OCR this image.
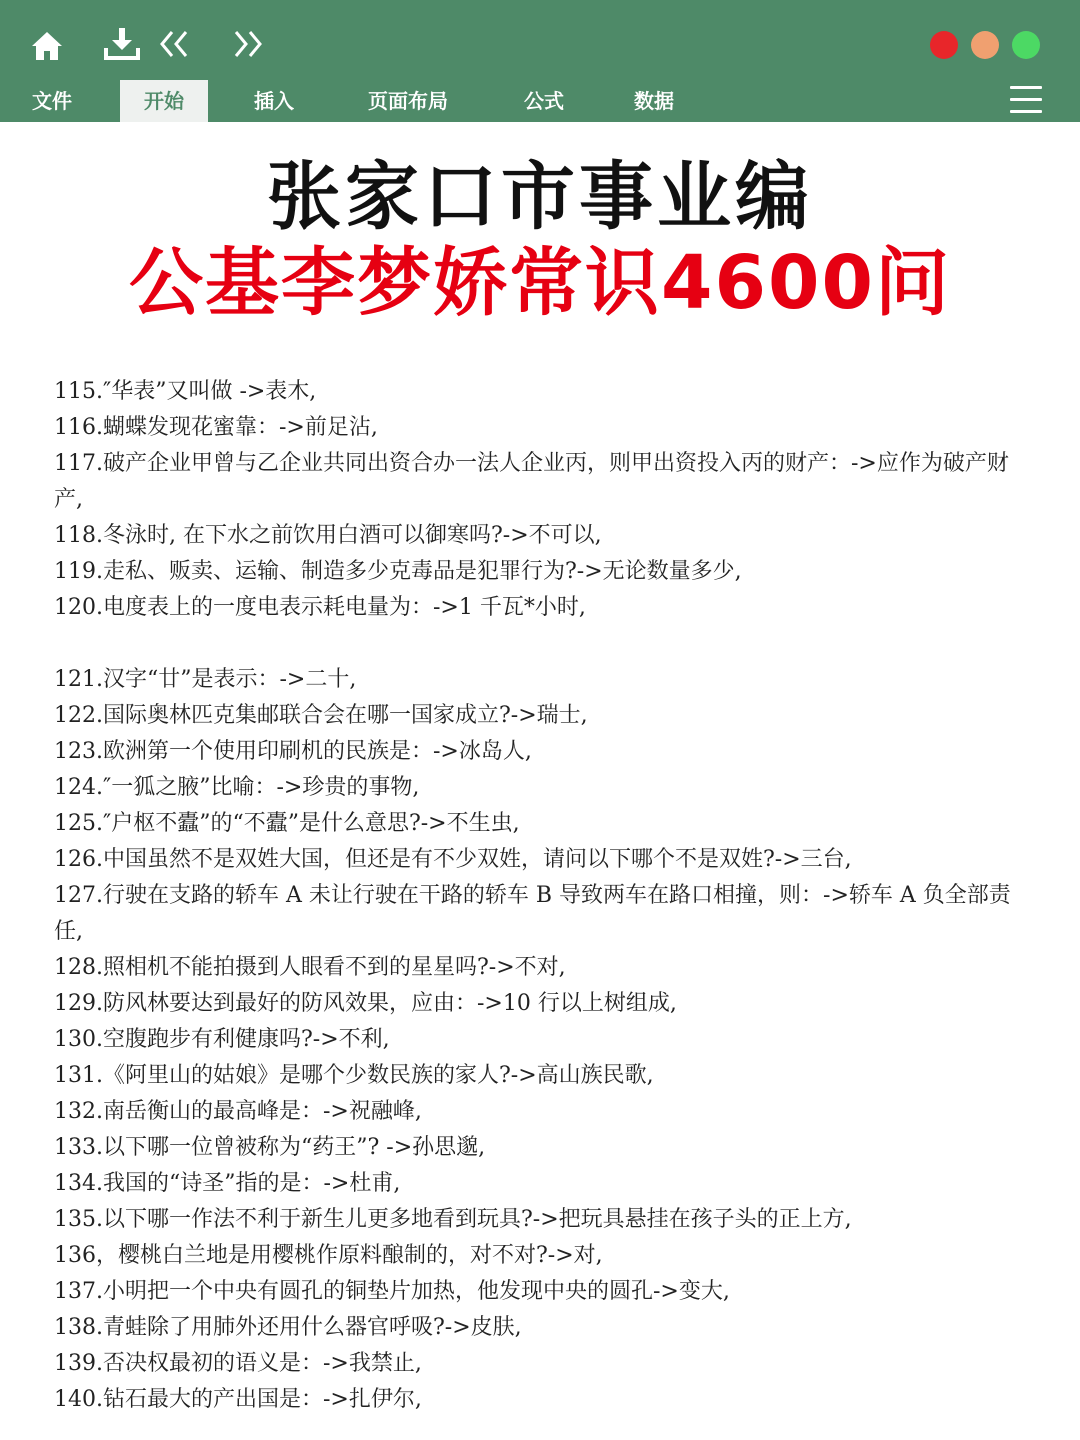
文件	开始	插入	页面布局	公式	数据
张家口市事业编
公基李梦娇常识4600问

115.″华表”又叫做 ->表木,

116.蝴蝶发现花蜜靠：->前足沾,

117.破产企业甲曾与乙企业共同出资合办一法人企业丙，则甲出资投入丙的财产：->应作为破产财产,

118.冬泳时, 在下水之前饮用白酒可以御寒吗?->不可以,

119.走私、贩卖、运输、制造多少克毒品是犯罪行为?->无论数量多少,

120.电度表上的一度电表示耗电量为：->1 千瓦*小时,

121.汉字“廿”是表示：->二十,

122.国际奥林匹克集邮联合会在哪一国家成立?->瑞士,

123.欧洲第一个使用印刷机的民族是：->冰岛人,

124.″一狐之腋”比喻：->珍贵的事物,

125.″户枢不蠹”的“不蠹”是什么意思?->不生虫,

126.中国虽然不是双姓大国，但还是有不少双姓，请问以下哪个不是双姓?->三台,

127.行驶在支路的轿车 A 未让行驶在干路的轿车 B 导致两车在路口相撞，则：->轿车 A 负全部责任,

128.照相机不能拍摄到人眼看不到的星星吗?->不对,

129.防风林要达到最好的防风效果，应由：->10 行以上树组成,

130.空腹跑步有利健康吗?->不利,

131.《阿里山的姑娘》是哪个少数民族的家人?->高山族民歌,

132.南岳衡山的最高峰是：->祝融峰,

133.以下哪一位曾被称为“药王”? ->孙思邈,

134.我国的“诗圣”指的是：->杜甫,

135.以下哪一作法不利于新生儿更多地看到玩具?->把玩具悬挂在孩子头的正上方,

136，樱桃白兰地是用樱桃作原料酿制的，对不对?->对,

137.小明把一个中央有圆孔的铜垫片加热，他发现中央的圆孔->变大,

138.青蛙除了用肺外还用什么器官呼吸?->皮肤,

139.否决权最初的语义是：->我禁止,

140.钻石最大的产出国是：->扎伊尔,
